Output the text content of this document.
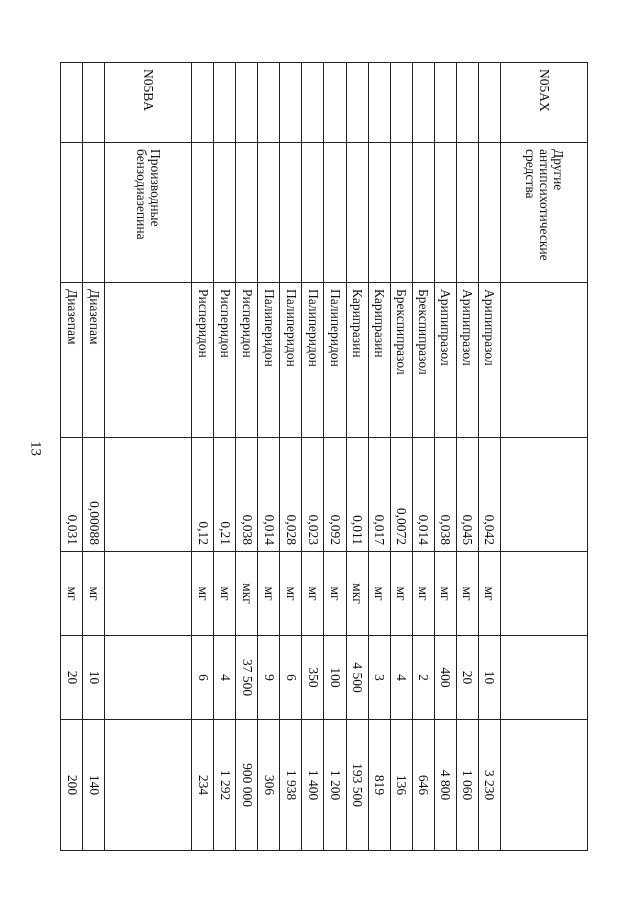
13
N05AX	Другие антипсихотические средства					
		Арипипразол	0,042	мг	10	3 230
		Арипипразол	0,045	мг	20	1 060
		Арипипразол	0,038	мг	400	4 800
		Брекспипразол	0,014	мг	2	646
		Брекспипразол	0,0072	мг	4	136
		Карипразин	0,017	мг	3	819
		Карипразин	0,011	мкг	4 500	193 500
		Палиперидон	0,092	мг	100	1 200
		Палиперидон	0,023	мг	350	1 400
		Палиперидон	0,028	мг	6	1 938
		Палиперидон	0,014	мг	9	306
		Рисперидон	0,038	мкг	37 500	900 000
		Рисперидон	0,21	мг	4	1 292
		Рисперидон	0,12	мг	6	234
N05BA	Производные бензодиазепина					
		Диазепам	0,00088	мг	10	140
		Диазепам	0,031	мг	20	200
